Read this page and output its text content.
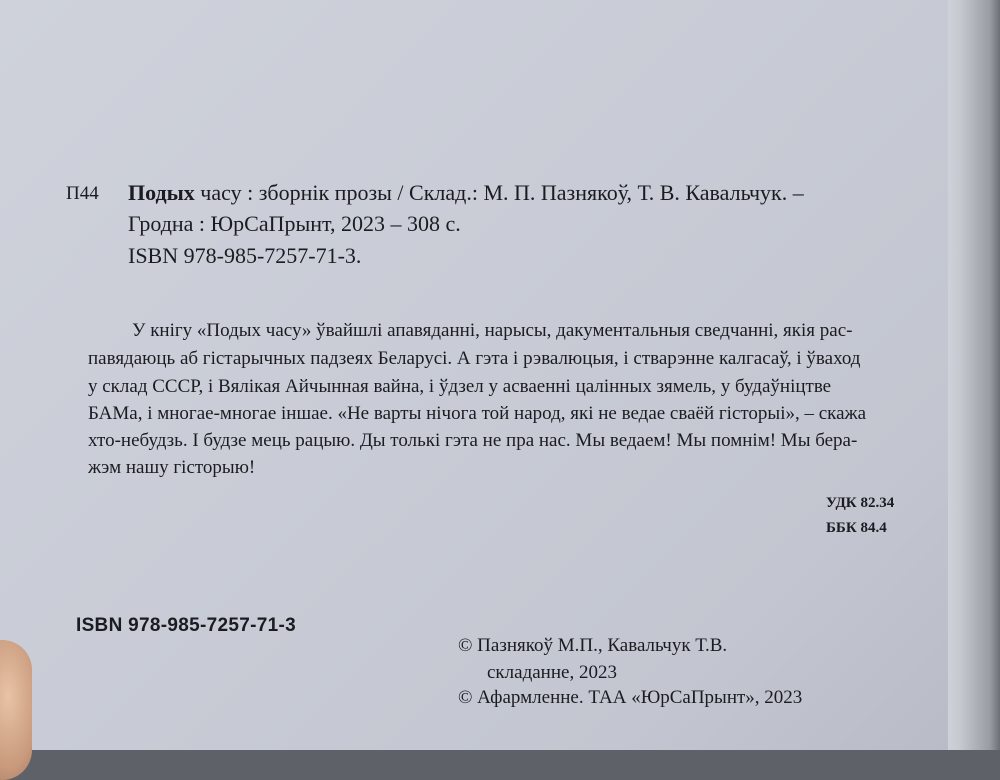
П44 Подых часу : зборнік прозы / Склад.: М. П. Пазнякоў, Т. В. Кавальчук. –
Гродна : ЮрСаПрынт, 2023 – 308 с.
ISBN 978-985-7257-71-3.
У кнігу «Подых часу» ўвайшлі апавяданні, нарысы, дакументальныя сведчанні, якія рас-
павядаюць аб гістарычных падзеях Беларусі. А гэта і рэвалюцыя, і стварэнне калгасаў, і ўваход
у склад СССР, і Вялікая Айчынная вайна, і ўдзел у асваенні цалінных зямель, у будаўніцтве
БАМа, і многае-многае іншае. «Не варты нічога той народ, які не ведае сваёй гісторыі», – скажа
хто-небудзь. І будзе мець рацыю. Ды толькі гэта не пра нас. Мы ведаем! Мы помнім! Мы бера-
жэм нашу гісторыю!
УДК 82.34
ББК 84.4
ISBN 978-985-7257-71-3
© Пазнякоў М.П., Кавальчук Т.В.
складанне, 2023
© Афармленне. ТАА «ЮрСаПрынт», 2023
